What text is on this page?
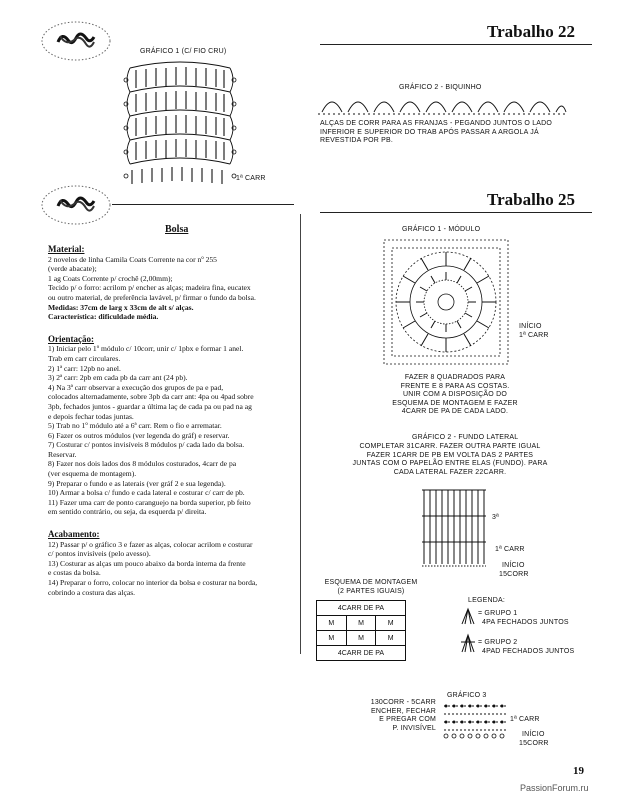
Trabalho 22
GRÁFICO 1 (C/ FIO CRU)
1ª CARR
GRÁFICO 2 - BIQUINHO
ALÇAS DE CORR PARA AS FRANJAS - PEGANDO JUNTOS O LADO
INFERIOR E SUPERIOR DO TRAB APÓS PASSAR A ARGOLA JÁ
REVESTIDA POR PB.
Trabalho 25
Bolsa
Material:
2 novelos de linha Camila Coats Corrente na cor nº 255
(verde abacate);
1 ag Coats Corrente p/ crochê (2,00mm);
Tecido p/ o forro: acrilom p/ encher as alças; madeira fina, eucatex
ou outro material, de preferência lavável, p/ firmar o fundo da bolsa.
Medidas: 37cm de larg x 33cm de alt s/ alças.
Característica: dificuldade média.
Orientação:
1) Iniciar pelo 1º módulo c/ 10corr, unir c/ 1pbx e formar 1 anel.
Trab em carr circulares.
2) 1ª carr: 12pb no anel.
3) 2ª carr: 2pb em cada pb da carr ant (24 pb).
4) Na 3ª carr observar a execução dos grupos de pa e pad,
colocados alternadamente, sobre 3pb da carr ant: 4pa ou 4pad sobre
3pb, fechados juntos - guardar a última laç de cada pa ou pad na ag
e depois fechar todas juntas.
5) Trab no 1º módulo até a 6ª carr. Rem o fio e arrematar.
6) Fazer os outros módulos (ver legenda do gráf) e reservar.
7) Costurar c/ pontos invisíveis 8 módulos p/ cada lado da bolsa.
Reservar.
8) Fazer nos dois lados dos 8 módulos costurados, 4carr de pa
(ver esquema de montagem).
9) Preparar o fundo e as laterais (ver gráf 2 e sua legenda).
10) Armar a bolsa c/ fundo e cada lateral e costurar c/ carr de pb.
11) Fazer uma carr de ponto caranguejo na borda superior, pb feito
em sentido contrário, ou seja, da esquerda p/ direita.
Acabamento:
12) Passar p/ o gráfico 3 e fazer as alças, colocar acrilom e costurar
c/ pontos invisíveis (pelo avesso).
13) Costurar as alças um pouco abaixo da borda interna da frente
e costas da bolsa.
14) Preparar o forro, colocar no interior da bolsa e costurar na borda,
cobrindo a costura das alças.
GRÁFICO 1 - MÓDULO
INÍCIO
1ª CARR
FAZER 8 QUADRADOS PARA
FRENTE E 8 PARA AS COSTAS.
UNIR COM A DISPOSIÇÃO DO
ESQUEMA DE MONTAGEM E FAZER
4CARR DE PA DE CADA LADO.
GRÁFICO 2 - FUNDO LATERAL
COMPLETAR 31CARR. FAZER OUTRA PARTE IGUAL
FAZER 1CARR DE PB EM VOLTA DAS 2 PARTES
JUNTAS COM O PAPELÃO ENTRE ELAS (FUNDO). PARA
CADA LATERAL FAZER 22CARR.
3ª
1ª CARR
INÍCIO
15CORR
ESQUEMA DE MONTAGEM
(2 PARTES IGUAIS)
4CARR DE PA		
M	M	M
M	M	M
4CARR DE PA		
LEGENDA:
= GRUPO 1
4PA FECHADOS JUNTOS
= GRUPO 2
4PAD FECHADOS JUNTOS
GRÁFICO 3
130CORR - 5CARR
ENCHER, FECHAR
E PREGAR COM
P. INVISÍVEL
1ª CARR
INÍCIO
15CORR
19
PassionForum.ru
